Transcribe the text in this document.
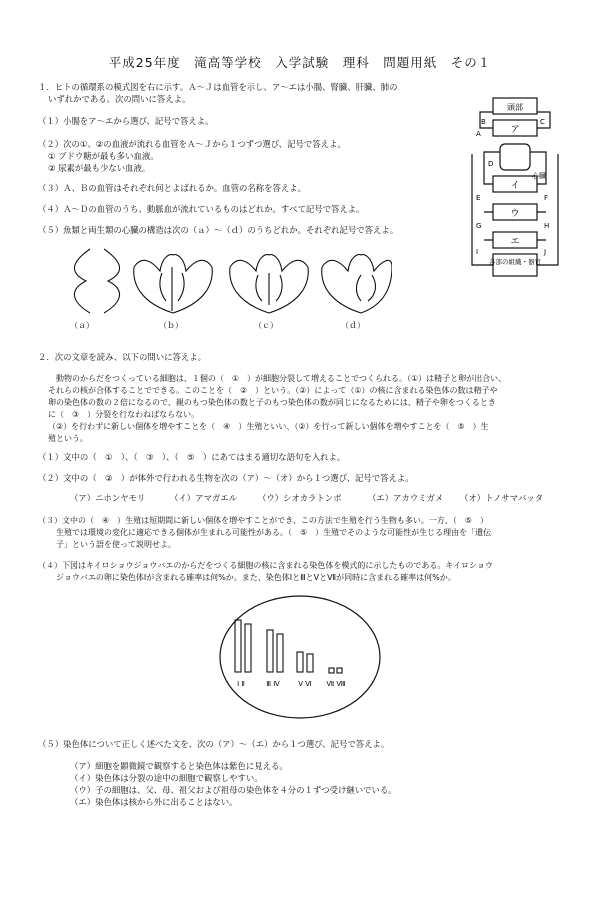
平成25年度　滝高等学校　入学試験　理科　問題用紙　その１
１．ヒトの循環系の模式図を右に示す。Ａ～Ｊは血管を示し、ア～エは小腸、腎臓、肝臓、肺の
いずれかである。次の問いに答えよ。
（１）小腸をア～エから選び、記号で答えよ。
（２）次の①、②の血液が流れる血管をＡ～Ｊから１つずつ選び、記号で答えよ。
① ブドウ糖が最も多い血液。
② 尿素が最も少ない血液。
（３）Ａ、Ｂの血管はそれぞれ何とよばれるか。血管の名称を答えよ。
（４）Ａ～Ｄの血管のうち、動脈血が流れているものはどれか。すべて記号で答えよ。
（５）魚類と両生類の心臓の構造は次の（ａ）～（ｄ）のうちどれか。それぞれ記号で答えよ。
（ａ）	（ｂ）	（ｃ）	（ｄ）
頭部
ア
イ
ウ
エ
心臓
各部の組織・器官
A
B	C
D
E	F
G	H
I	J
２．次の文章を読み、以下の問いに答えよ。
　動物のからだをつくっている細胞は、１個の（　①　）が細胞分裂して増えることでつくられる。（①）は精子と卵が出合い、
それらの核が合体することでできる。このことを（　②　）という。（②）によって（①）の核に含まれる染色体の数は精子や
卵の染色体の数の２倍になるので、親のもつ染色体の数と子のもつ染色体の数が同じになるためには、精子や卵をつくるとき
に（　③　）分裂を行なわねばならない。
（②）を行わずに新しい個体を増やすことを（　④　）生殖といい、（②）を行って新しい個体を増やすことを（　⑤　）生
殖という。
（１）文中の（　①　）、（　③　）、（　⑤　）にあてはまる適切な語句を入れよ。
（２）文中の（　②　）が体外で行われる生物を次の（ア）～（オ）から１つ選び、記号で答えよ。
（ア）ニホンヤモリ	（イ）アマガエル	（ウ）シオカラトンボ	（エ）アカウミガメ （オ）トノサマバッタ
（３）文中の（　④　）生殖は短期間に新しい個体を増やすことができ、この方法で生殖を行う生物も多い。一方、（　⑤　）
生殖では環境の変化に適応できる個体が生まれる可能性がある。（　⑤　）生殖でそのような可能性が生じる理由を「遺伝
子」という語を使って説明せよ。
（４）下図はキイロショウジョウバエのからだをつくる細胞の核に含まれる染色体を模式的に示したものである。キイロショウ
ジョウバエの卵に染色体Ⅰが含まれる確率は何%か。また、染色体ⅠとⅢとⅤとⅦが同時に含まれる確率は何%か。
Ⅰ Ⅱ	Ⅲ Ⅳ	Ⅴ Ⅵ Ⅶ Ⅷ
（５）染色体について正しく述べた文を、次の（ア）～（エ）から１つ選び、記号で答えよ。
（ア）細胞を顕微鏡で観察すると染色体は紫色に見える。
（イ）染色体は分裂の途中の細胞で観察しやすい。
（ウ）子の細胞は、父、母、祖父および祖母の染色体を４分の１ずつ受け継いでいる。
（エ）染色体は核から外に出ることはない。
